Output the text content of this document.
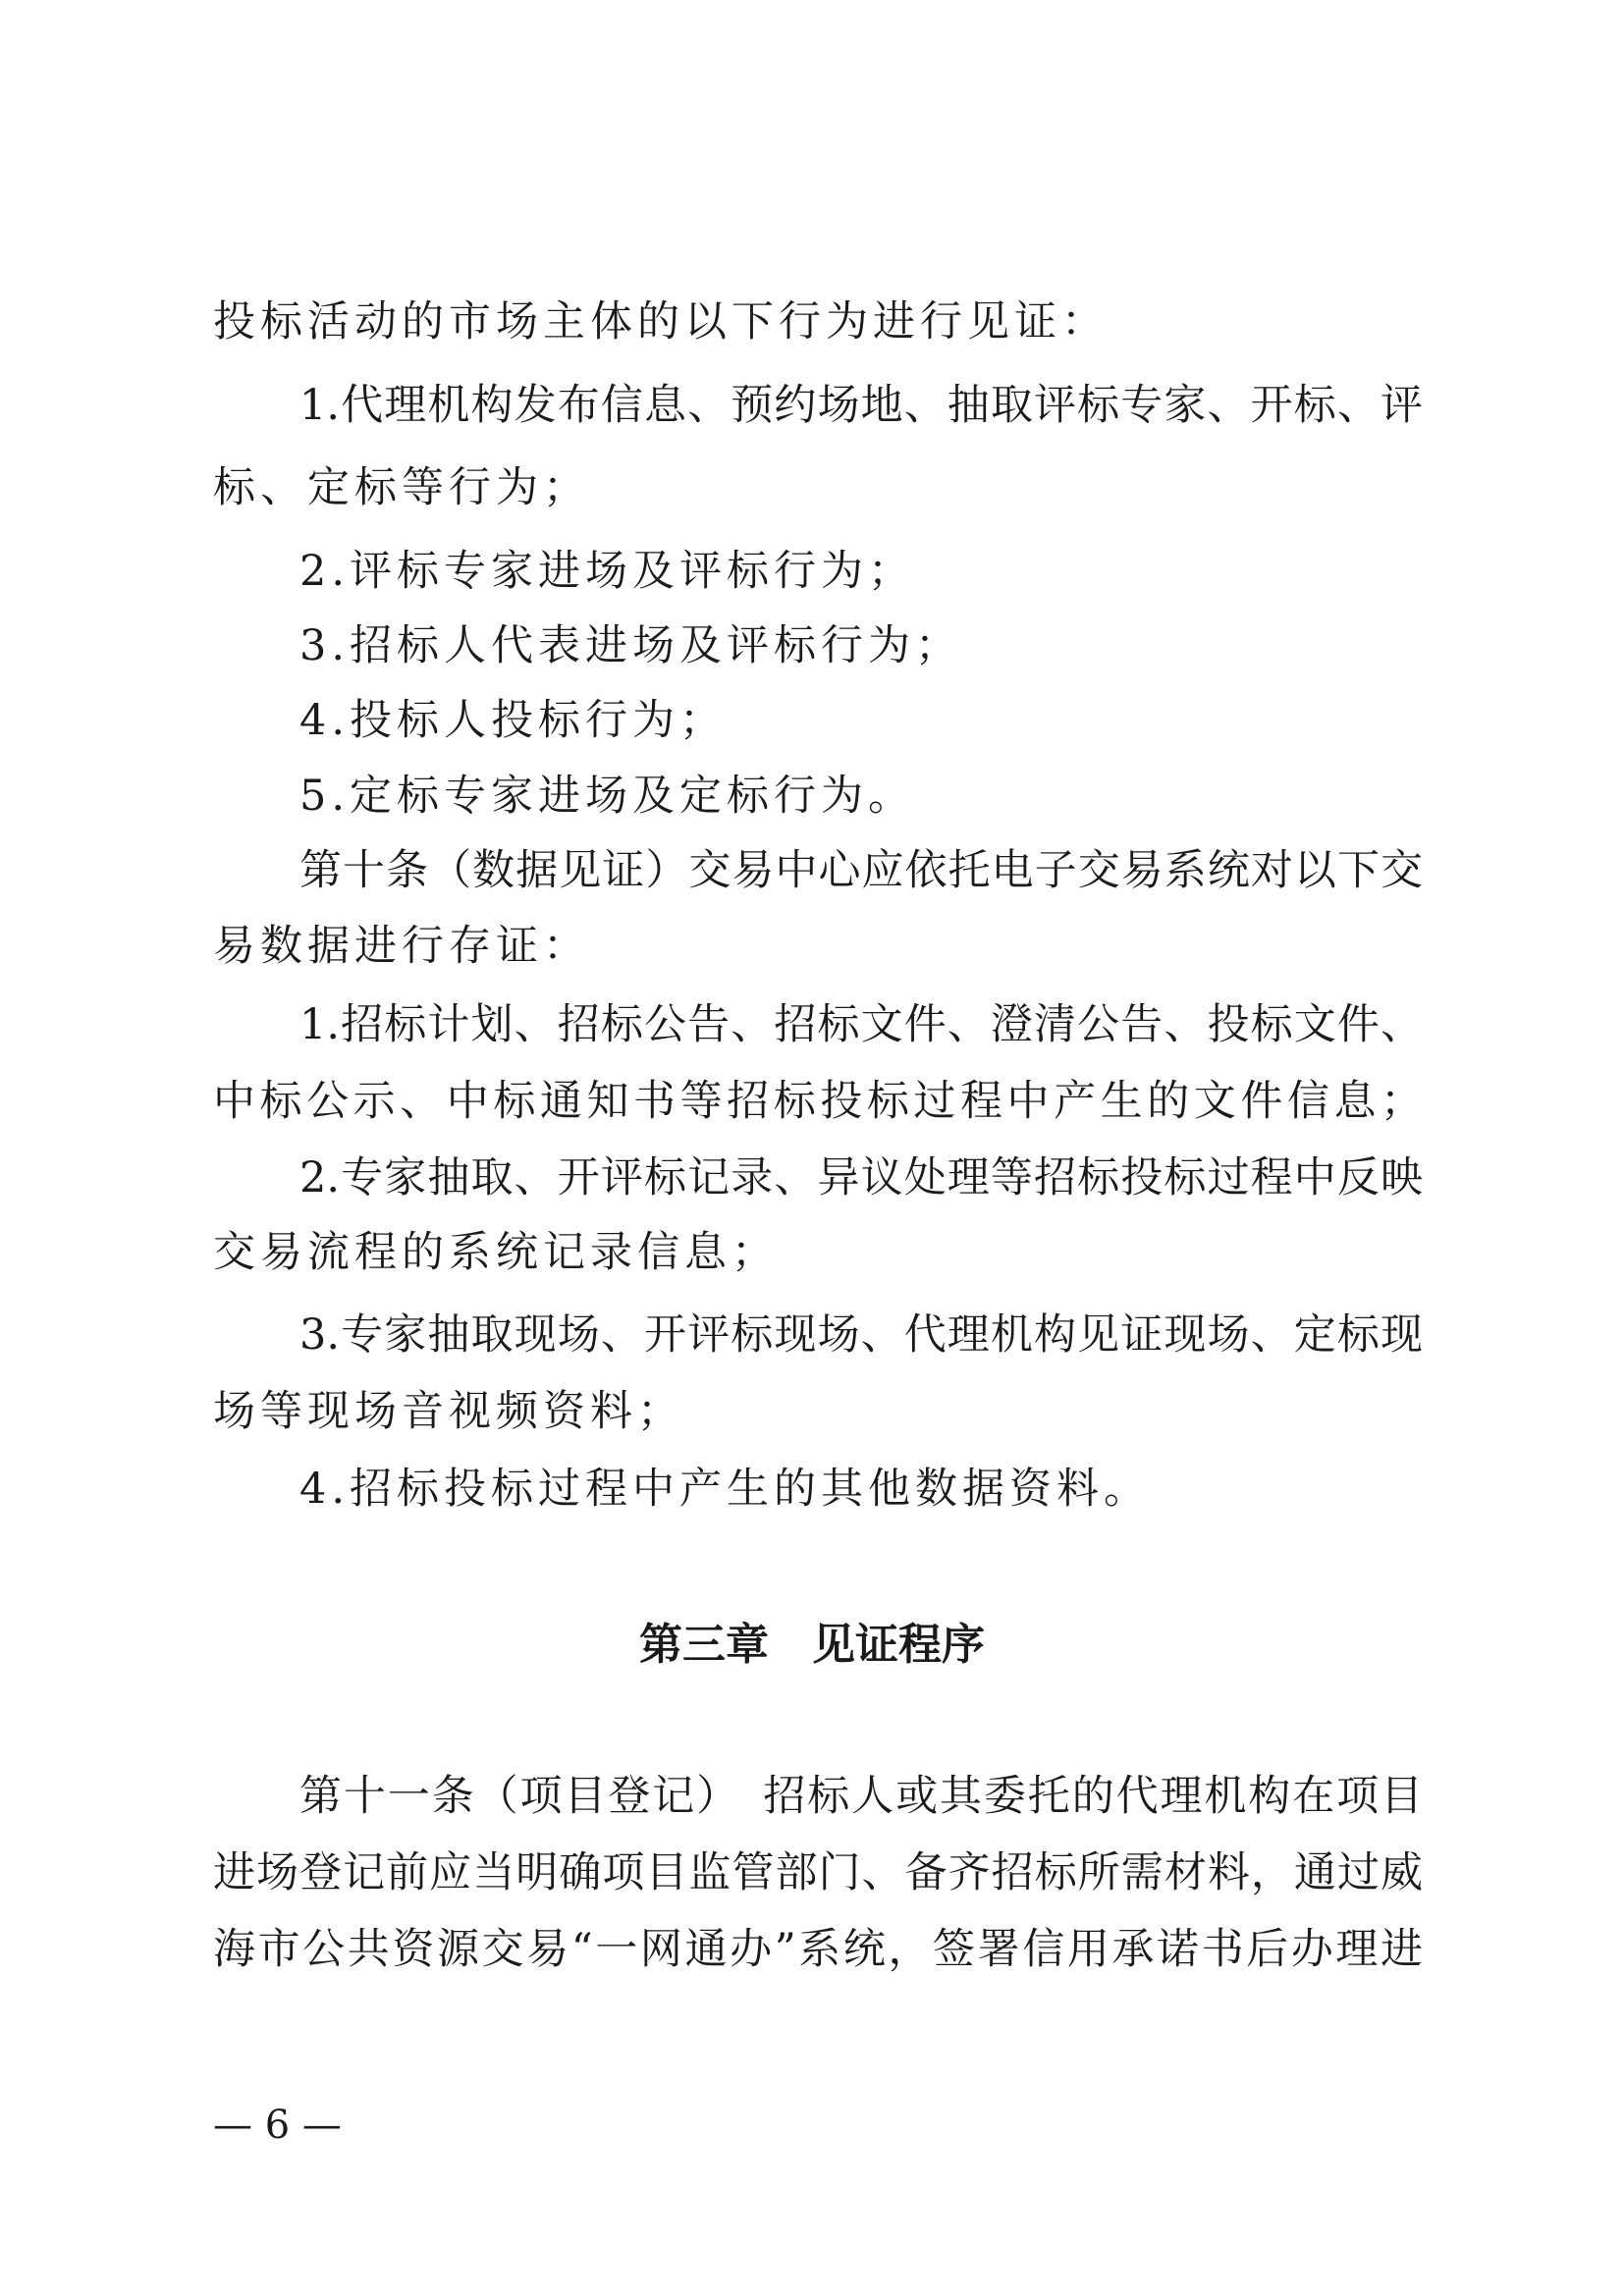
投标活动的市场主体的以下行为进行见证：
1.代理机构发布信息、预约场地、抽取评标专家、开标、评
标、定标等行为；
2.评标专家进场及评标行为；
3.招标人代表进场及评标行为；
4.投标人投标行为；
5.定标专家进场及定标行为。
第十条（数据见证）交易中心应依托电子交易系统对以下交
易数据进行存证：
1.招标计划、招标公告、招标文件、澄清公告、投标文件、
中标公示、中标通知书等招标投标过程中产生的文件信息；
2.专家抽取、开评标记录、异议处理等招标投标过程中反映
交易流程的系统记录信息；
3.专家抽取现场、开评标现场、代理机构见证现场、定标现
场等现场音视频资料；
4.招标投标过程中产生的其他数据资料。
第三章　见证程序
第十一条（项目登记）　招标人或其委托的代理机构在项目
进场登记前应当明确项目监管部门、备齐招标所需材料，通过威
海市公共资源交易“一网通办”系统，签署信用承诺书后办理进
— 6 —
